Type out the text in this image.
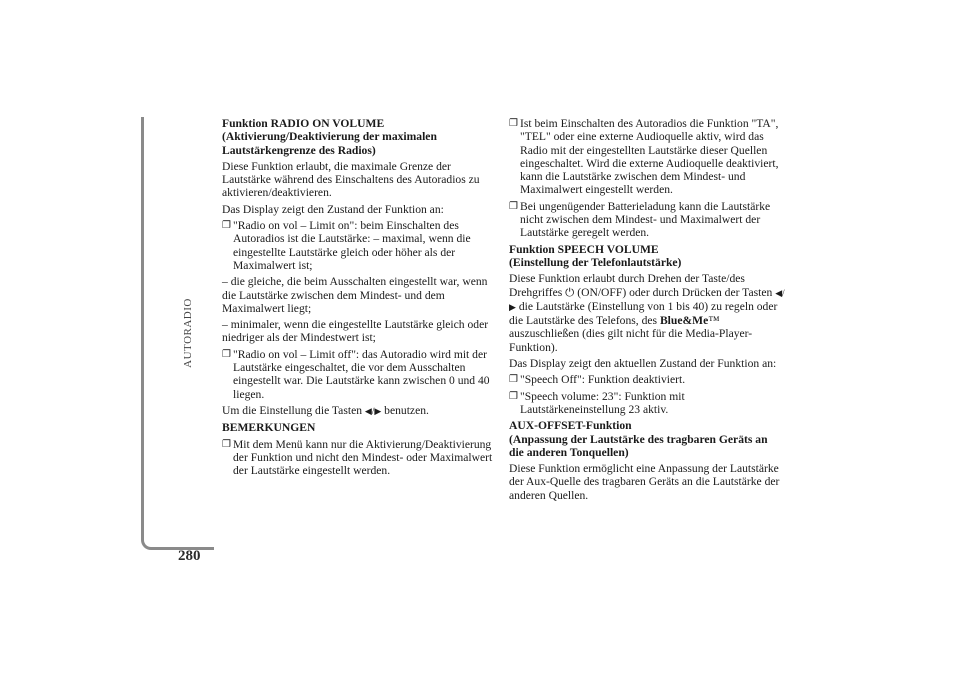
AUTORADIO
280
Funktion RADIO ON VOLUME
(Aktivierung/Deaktivierung der maximalen Lautstärkengrenze des Radios)

Diese Funktion erlaubt, die maximale Grenze der Lautstärke während des Einschaltens des Autoradios zu aktivieren/deaktivieren.

Das Display zeigt den Zustand der Funktion an:

❐ "Radio on vol – Limit on": beim Einschalten des Autoradios ist die Lautstärke: – maximal, wenn die eingestellte Lautstärke gleich oder höher als der Maximalwert ist;

– die gleiche, die beim Ausschalten eingestellt war, wenn die Lautstärke zwischen dem Mindest- und dem Maximalwert liegt;

– minimaler, wenn die eingestellte Lautstärke gleich oder niedriger als der Mindestwert ist;

❐ "Radio on vol – Limit off": das Autoradio wird mit der Lautstärke eingeschaltet, die vor dem Ausschalten eingestellt war. Die Lautstärke kann zwischen 0 und 40 liegen.

Um die Einstellung die Tasten ◀/▶ benutzen.

BEMERKUNGEN
❐ Mit dem Menü kann nur die Aktivierung/Deaktivierung der Funktion und nicht den Mindest- oder Maximalwert der Lautstärke eingestellt werden.
❐ Ist beim Einschalten des Autoradios die Funktion "TA", "TEL" oder eine externe Audioquelle aktiv, wird das Radio mit der eingestellten Lautstärke dieser Quellen eingeschaltet. Wird die externe Audioquelle deaktiviert, kann die Lautstärke zwischen dem Mindest- und Maximalwert eingestellt werden.
❐ Bei ungenügender Batterieladung kann die Lautstärke nicht zwischen dem Mindest- und Maximalwert der Lautstärke geregelt werden.
Funktion SPEECH VOLUME
(Einstellung der Telefonlautstärke)

Diese Funktion erlaubt durch Drehen der Taste/des Drehgriffes ⏻ (ON/OFF) oder durch Drücken der Tasten ◀/▶ die Lautstärke (Einstellung von 1 bis 40) zu regeln oder die Lautstärke des Telefons, des Blue&Me™ auszuschließen (dies gilt nicht für die Media-Player-Funktion).

Das Display zeigt den aktuellen Zustand der Funktion an:

❐ "Speech Off": Funktion deaktiviert.
❐ "Speech volume: 23": Funktion mit Lautstärkeneinstellung 23 aktiv.
AUX-OFFSET-Funktion
(Anpassung der Lautstärke des tragbaren Geräts an die anderen Tonquellen)

Diese Funktion ermöglicht eine Anpassung der Lautstärke der Aux-Quelle des tragbaren Geräts an die Lautstärke der anderen Quellen.
